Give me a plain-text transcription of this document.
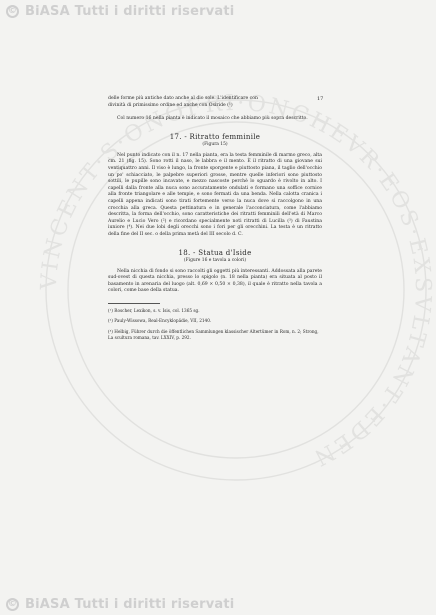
© BiASA Tutti i diritti riservati
VINCENT·S·ONOFRI·ONCHEVR·EOS·EXSVLTANT·EDEN
17

delle forme più antiche dato anche al dio sole. L'identificare con

divinità di primissimo ordine ed anche con Osiride (¹)

Col numero 16 nella pianta è indicato il mosaico che abbiamo più sopra descritto.

17. - Ritratto femminile

(Figura 15)

Nel punto indicato con il n. 17 nella pianta, era la testa femminile di marmo greco, alta cm. 21 (fig. 15). Sono rotti il naso, le labbra e il mento. È il ritratto di una giovane sui ventiquattro anni. Il viso è lungo, la fronte sporgente e piuttosto piana, il taglio dell'occhio un po' schiacciato, le palpebre superiori grosse, mentre quelle inferiori sono piuttosto sottili, le pupille sono incavate, e mezzo nascoste perchè lo sguardo è rivolto in alto. I capelli dalla fronte alla nuca sono accuratamente ondulati e formano una soffice cornice alla fronte triangolare e alle tempie, e sono fermati da una benda. Nella calotta cranica i capelli appena indicati sono tirati fortemente verso la nuca dove si raccolgono in una crocchia alla greca. Questa pettinatura e in generale l'acconciatura, come l'abbiamo descritta, la forma dell'occhio, sono caratteristiche dei ritratti femminili dell'età di Marco Aurelio e Lucio Vero (²) e ricordano specialmente noti ritratti di Lucilla (³) di Faustina iuniore (⁴). Nei due lobi degli orecchi sono i fori per gli orecchini. La testa è un ritratto della fine del II sec. o della prima metà del III secolo d. C.

18. - Statua d'Iside

(Figure 16 e tavola a colori)

Nella nicchia di fondo si sono raccolti gli oggetti più interessanti. Addossata alla parete sud-ovest di questa nicchia, presso lo spigolo (n. 18 nella pianta) era situata al posto il basamento in arenaria del luogo (alt. 0,69 × 0,50 × 0,38), il quale è ritratto nella tavola a colori, come base della statua.

(¹) Roscher, Lexikon, s. v. Isis, col. 1365 sg.

(²) Pauly-Wissowa, Real-Encyklopädie, VII, 2140.

(³) Helbig, Führer durch die öffentlichen Sammlungen klassischer Altertümer in Rom, n. 2; Strong, La scultura romana, tav. LXXIV, p. 292.

© BiASA Tutti i diritti riservati
